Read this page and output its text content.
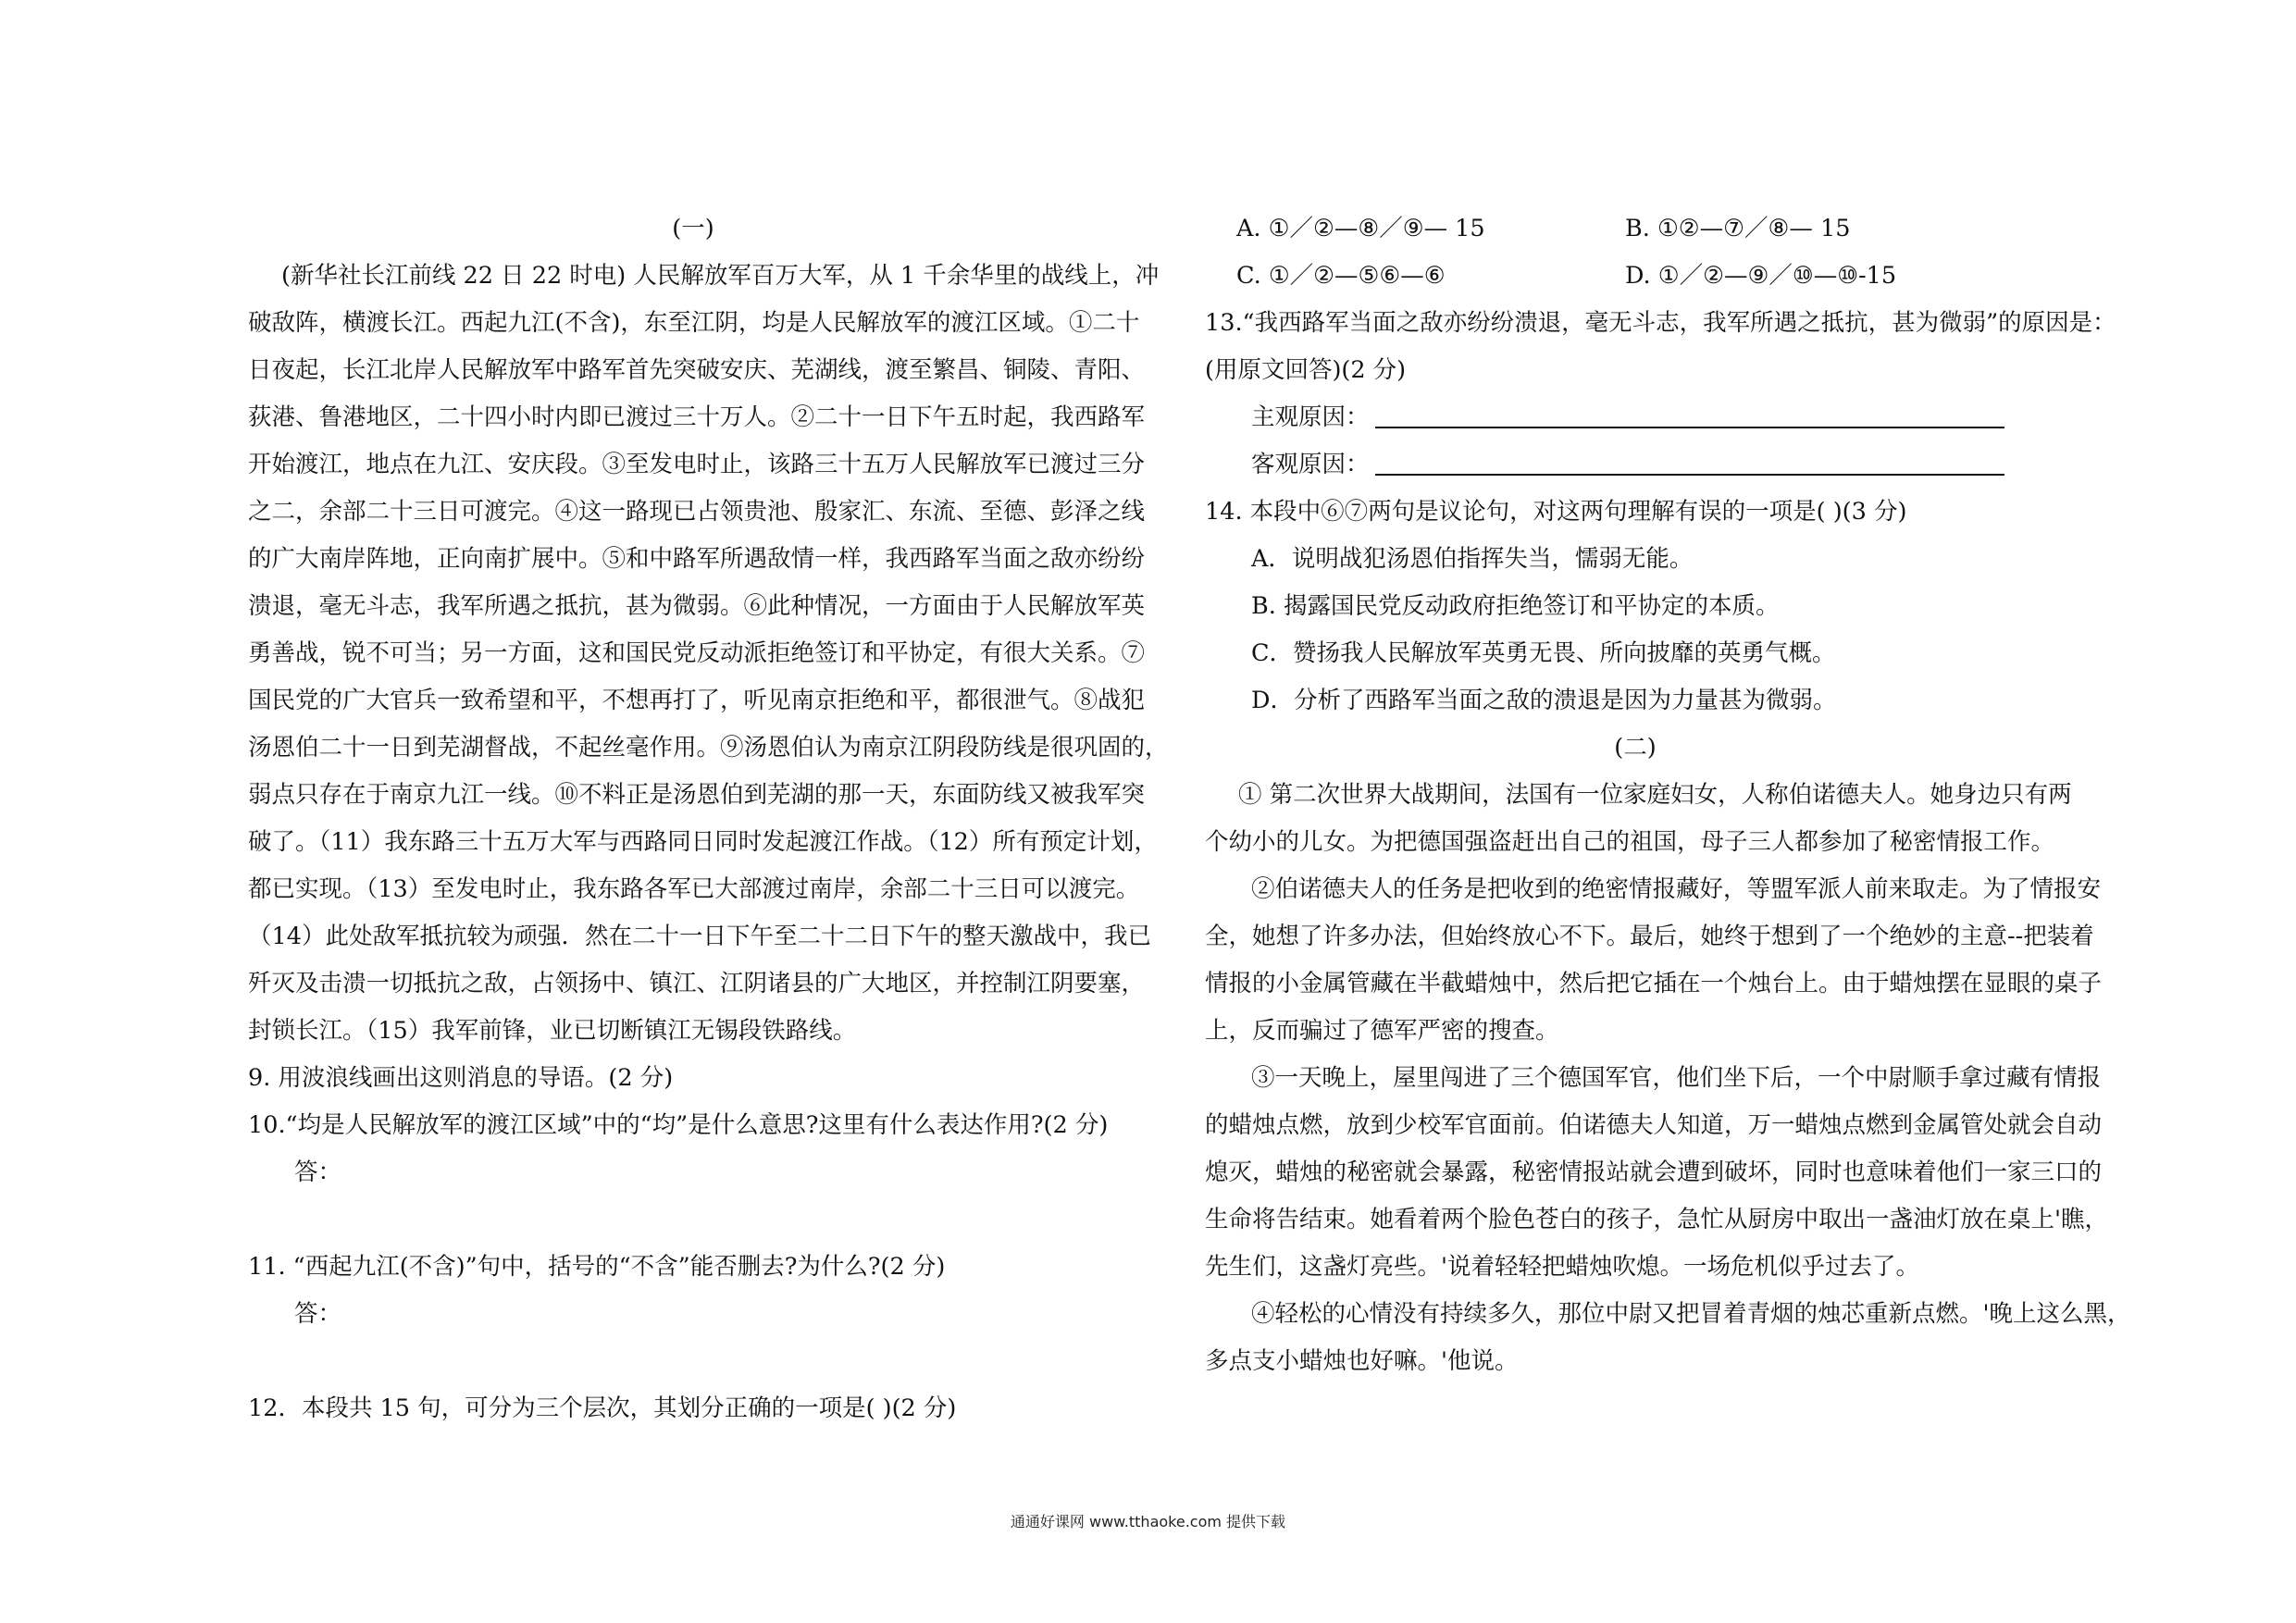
(一)
(新华社长江前线 22 日 22 时电) 人民解放军百万大军，从 1 千余华里的战线上，冲
破敌阵，横渡长江。西起九江(不含)，东至江阴，均是人民解放军的渡江区域。①二十
日夜起，长江北岸人民解放军中路军首先突破安庆、芜湖线，渡至繁昌、铜陵、青阳、
荻港、鲁港地区，二十四小时内即已渡过三十万人。②二十一日下午五时起，我西路军
开始渡江，地点在九江、安庆段。③至发电时止，该路三十五万人民解放军已渡过三分
之二，余部二十三日可渡完。④这一路现已占领贵池、殷家汇、东流、至德、彭泽之线
的广大南岸阵地，正向南扩展中。⑤和中路军所遇敌情一样，我西路军当面之敌亦纷纷
溃退，毫无斗志，我军所遇之抵抗，甚为微弱。⑥此种情况，一方面由于人民解放军英
勇善战，锐不可当；另一方面，这和国民党反动派拒绝签订和平协定，有很大关系。⑦
国民党的广大官兵一致希望和平，不想再打了，听见南京拒绝和平，都很泄气。⑧战犯
汤恩伯二十一日到芜湖督战，不起丝毫作用。⑨汤恩伯认为南京江阴段防线是很巩固的，
弱点只存在于南京九江一线。⑩不料正是汤恩伯到芜湖的那一天，东面防线又被我军突
破了。（11）我东路三十五万大军与西路同日同时发起渡江作战。（12）所有预定计划，
都已实现。（13）至发电时止，我东路各军已大部渡过南岸，余部二十三日可以渡完。
（14）此处敌军抵抗较为顽强．然在二十一日下午至二十二日下午的整天激战中，我已
歼灭及击溃一切抵抗之敌，占领扬中、镇江、江阴诸县的广大地区，并控制江阴要塞，
封锁长江。（15）我军前锋，业已切断镇江无锡段铁路线。
9. 用波浪线画出这则消息的导语。(2 分)
10.“均是人民解放军的渡江区域”中的“均”是什么意思?这里有什么表达作用?(2 分)
答：
11. “西起九江(不含)”句中，括号的“不含”能否删去?为什么?(2 分)
答：
12．本段共 15 句，可分为三个层次，其划分正确的一项是( )(2 分)
A. ①／②—⑧／⑨— 15	B. ①②—⑦／⑧— 15
C. ①／②—⑤⑥—⑥	D. ①／②—⑨／⑩—⑩-15
13.“我西路军当面之敌亦纷纷溃退，毫无斗志，我军所遇之抵抗，甚为微弱”的原因是：
(用原文回答)(2 分)
主观原因：
客观原因：
14. 本段中⑥⑦两句是议论句，对这两句理解有误的一项是( )(3 分)
A．说明战犯汤恩伯指挥失当，懦弱无能。
B. 揭露国民党反动政府拒绝签订和平协定的本质。
C．赞扬我人民解放军英勇无畏、所向披靡的英勇气概。
D．分析了西路军当面之敌的溃退是因为力量甚为微弱。
(二)
① 第二次世界大战期间，法国有一位家庭妇女，人称伯诺德夫人。她身边只有两
个幼小的儿女。为把德国强盗赶出自己的祖国，母子三人都参加了秘密情报工作。
②伯诺德夫人的任务是把收到的绝密情报藏好，等盟军派人前来取走。为了情报安
全，她想了许多办法，但始终放心不下。最后，她终于想到了一个绝妙的主意--把装着
情报的小金属管藏在半截蜡烛中，然后把它插在一个烛台上。由于蜡烛摆在显眼的桌子
上，反而骗过了德军严密的搜查。
③一天晚上，屋里闯进了三个德国军官，他们坐下后，一个中尉顺手拿过藏有情报
的蜡烛点燃，放到少校军官面前。伯诺德夫人知道，万一蜡烛点燃到金属管处就会自动
熄灭，蜡烛的秘密就会暴露，秘密情报站就会遭到破坏，同时也意味着他们一家三口的
生命将告结束。她看着两个脸色苍白的孩子，急忙从厨房中取出一盏油灯放在桌上'瞧，
先生们，这盏灯亮些。'说着轻轻把蜡烛吹熄。一场危机似乎过去了。
④轻松的心情没有持续多久，那位中尉又把冒着青烟的烛芯重新点燃。'晚上这么黑，
多点支小蜡烛也好嘛。'他说。
通通好课网 www.tthaoke.com 提供下载
